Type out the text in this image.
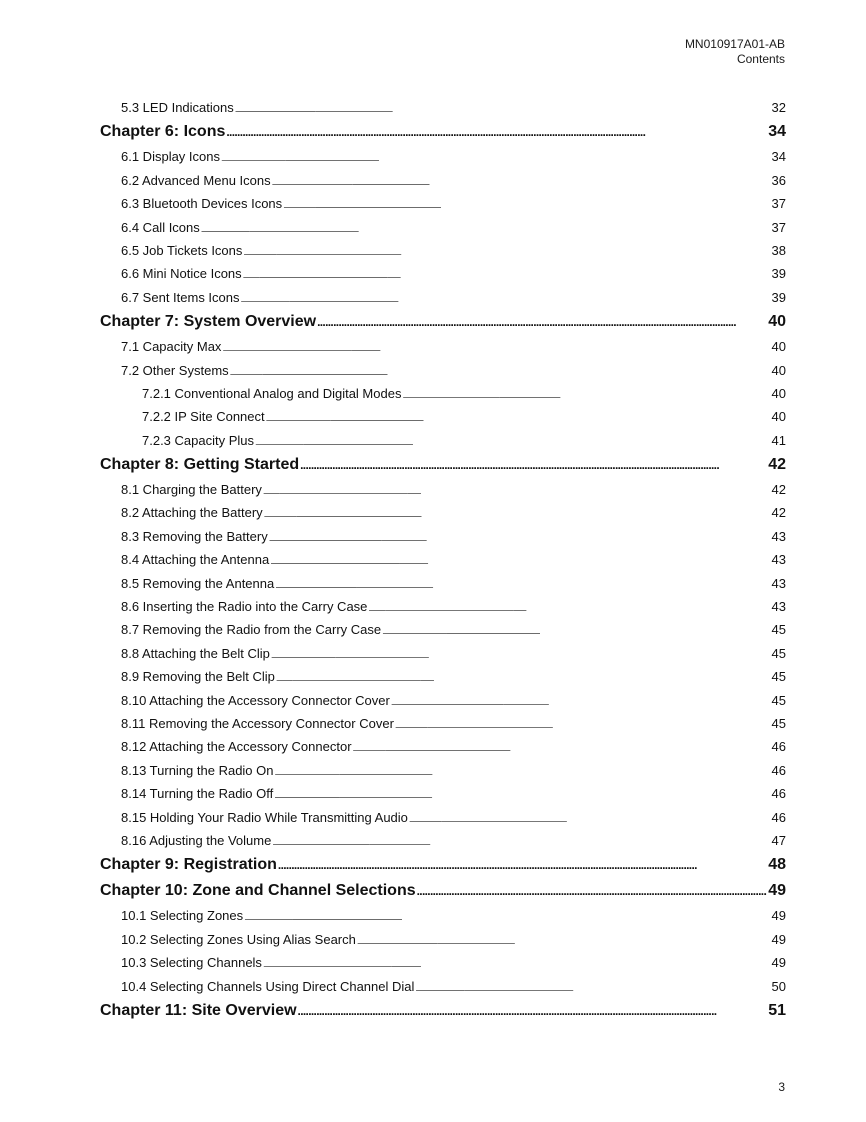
MN010917A01-AB
Contents
5.3 LED Indications . . .	32
Chapter 6: Icons . . .	34
6.1 Display Icons . . .	34
6.2 Advanced Menu Icons . . .	36
6.3 Bluetooth Devices Icons . . .	37
6.4 Call Icons . . .	37
6.5 Job Tickets Icons . . .	38
6.6 Mini Notice Icons . . .	39
6.7 Sent Items Icons . . .	39
Chapter 7: System Overview . . .	40
7.1 Capacity Max . . .	40
7.2 Other Systems . . .	40
7.2.1 Conventional Analog and Digital Modes . . .	40
7.2.2 IP Site Connect . . .	40
7.2.3 Capacity Plus . . .	41
Chapter 8: Getting Started . . .	42
8.1 Charging the Battery . . .	42
8.2 Attaching the Battery . . .	42
8.3 Removing the Battery . . .	43
8.4 Attaching the Antenna . . .	43
8.5 Removing the Antenna . . .	43
8.6 Inserting the Radio into the Carry Case . . .	43
8.7 Removing the Radio from the Carry Case . . .	45
8.8 Attaching the Belt Clip . . .	45
8.9 Removing the Belt Clip . . .	45
8.10 Attaching the Accessory Connector Cover . . .	45
8.11 Removing the Accessory Connector Cover . . .	45
8.12 Attaching the Accessory Connector . . .	46
8.13 Turning the Radio On . . .	46
8.14 Turning the Radio Off . . .	46
8.15 Holding Your Radio While Transmitting Audio . . .	46
8.16 Adjusting the Volume . . .	47
Chapter 9: Registration . . .	48
Chapter 10: Zone and Channel Selections . . .	49
10.1 Selecting Zones . . .	49
10.2 Selecting Zones Using Alias Search . . .	49
10.3 Selecting Channels . . .	49
10.4 Selecting Channels Using Direct Channel Dial . . .	50
Chapter 11: Site Overview . . .	51
3
